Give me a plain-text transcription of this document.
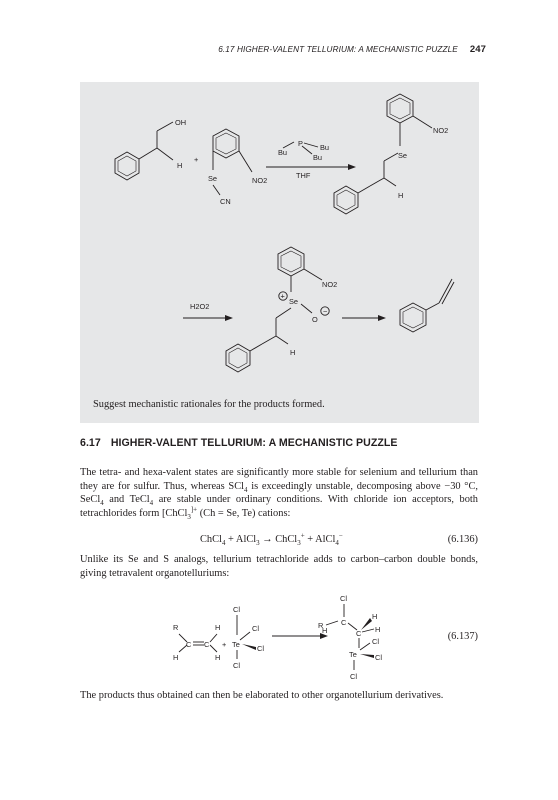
6.17 HIGHER-VALENT TELLURIUM: A MECHANISTIC PUZZLE 247
OH
H
+
Se	NO2
CN
P
Bu
Bu
Bu
THF
NO2
Se
H
H2O2
NO2
+
Se
O
−
H
Suggest mechanistic rationales for the products formed.
6.17 HIGHER-VALENT TELLURIUM: A MECHANISTIC PUZZLE
The tetra- and hexa-valent states are significantly more stable for selenium and tellurium than they are for sulfur. Thus, whereas SCl$_4$ is exceedingly unstable, decomposing above −30 °C, SeCl$_4$ and TeCl$_4$ are stable under ordinary conditions. With chloride ion acceptors, both tetrachlorides form [ChCl$_3$]+ (Ch = Se, Te) cations:
ChCl$_4$ + AlCl$_3$ → ChCl$_3$+ + AlCl$_4$−	(6.136)
Unlike its Se and S analogs, tellurium tetrachloride adds to carbon–carbon double bonds, giving tetravalent organotelluriums:
R	H
H	H
C C +
Cl
Te
Cl
Cl
Cl
Cl
C
R
H	C
H
H
Te
Cl
Cl
Cl
(6.137)
The products thus obtained can then be elaborated to other organotellurium derivatives.
